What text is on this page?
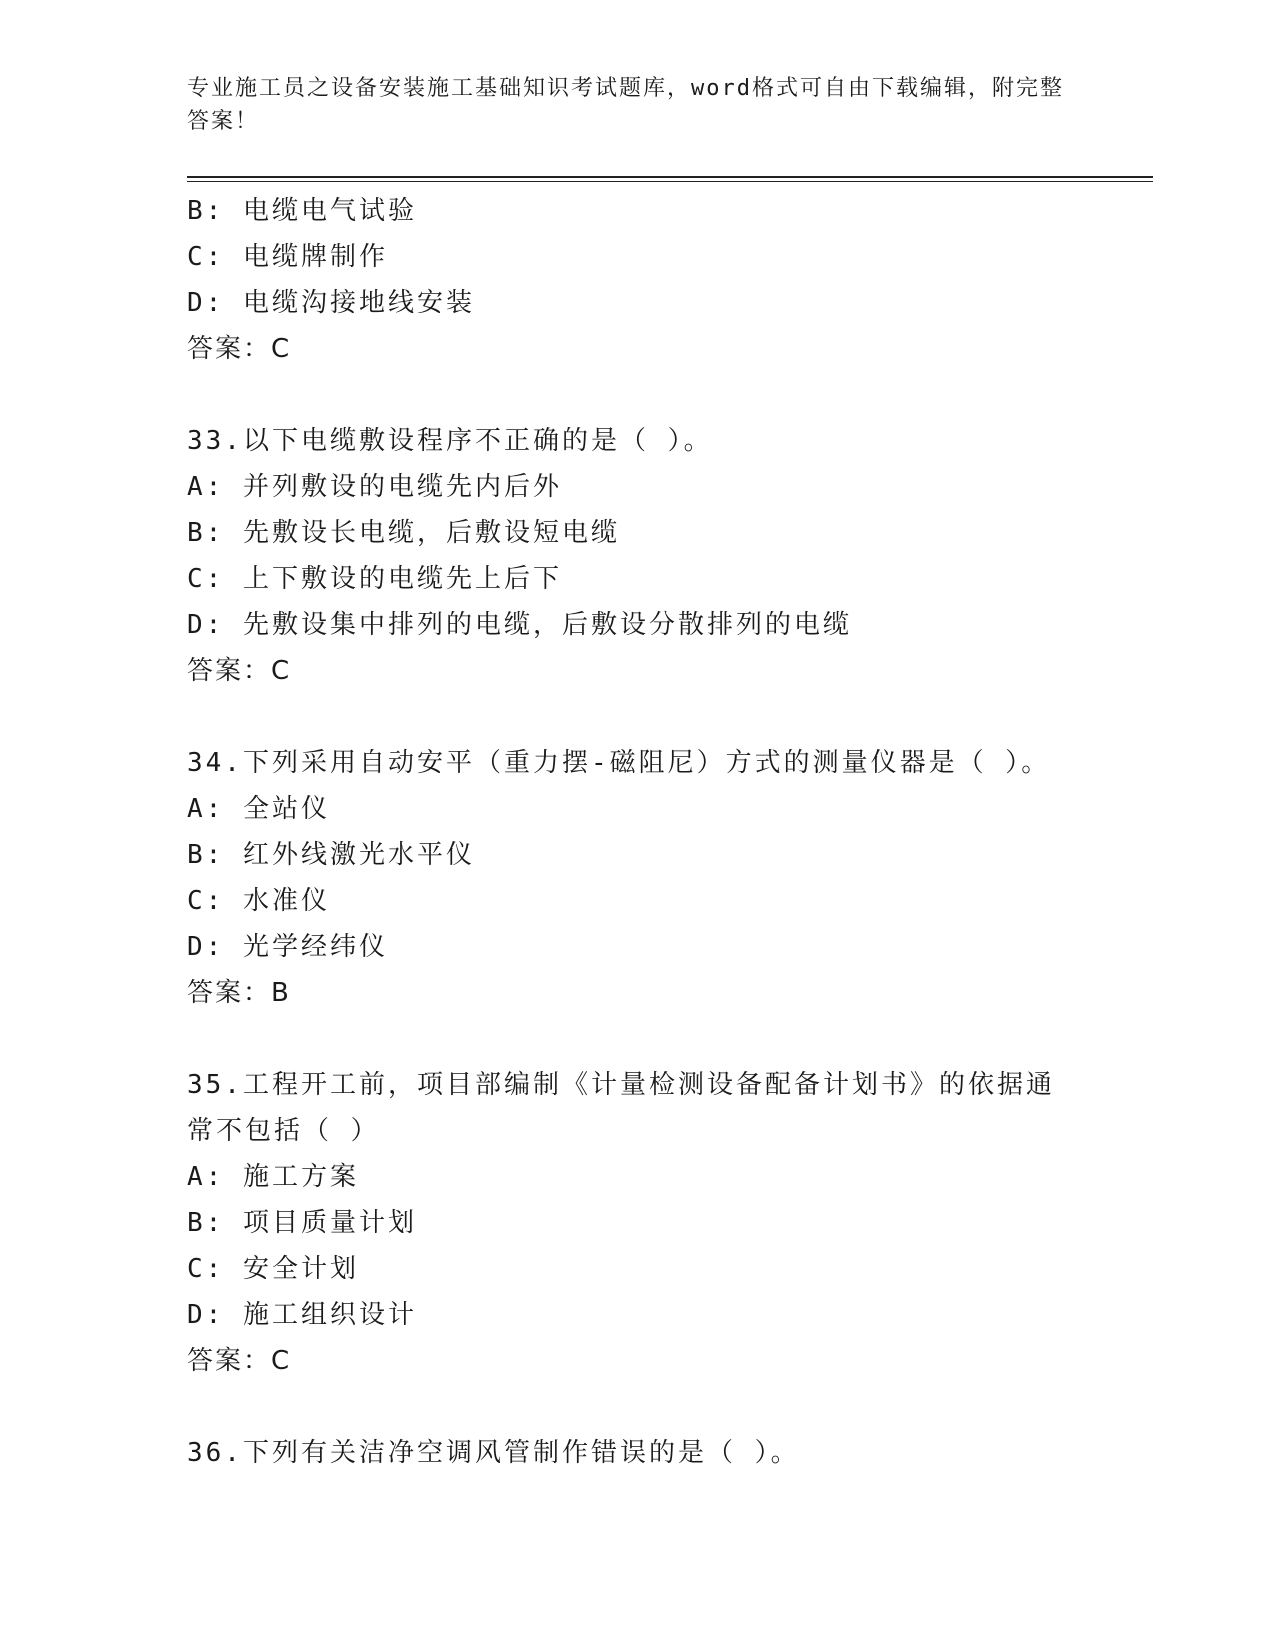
专业施工员之设备安装施工基础知识考试题库，word格式可自由下载编辑，附完整答案！
B: 电缆电气试验
C: 电缆牌制作
D: 电缆沟接地线安装
答案：C
33.以下电缆敷设程序不正确的是（ ）。
A: 并列敷设的电缆先内后外
B: 先敷设长电缆，后敷设短电缆
C: 上下敷设的电缆先上后下
D: 先敷设集中排列的电缆，后敷设分散排列的电缆
答案：C
34.下列采用自动安平（重力摆-磁阻尼）方式的测量仪器是（ ）。
A: 全站仪
B: 红外线激光水平仪
C: 水准仪
D: 光学经纬仪
答案：B
35.工程开工前，项目部编制《计量检测设备配备计划书》的依据通常不包括（ ）
A: 施工方案
B: 项目质量计划
C: 安全计划
D: 施工组织设计
答案：C
36.下列有关洁净空调风管制作错误的是（ ）。
